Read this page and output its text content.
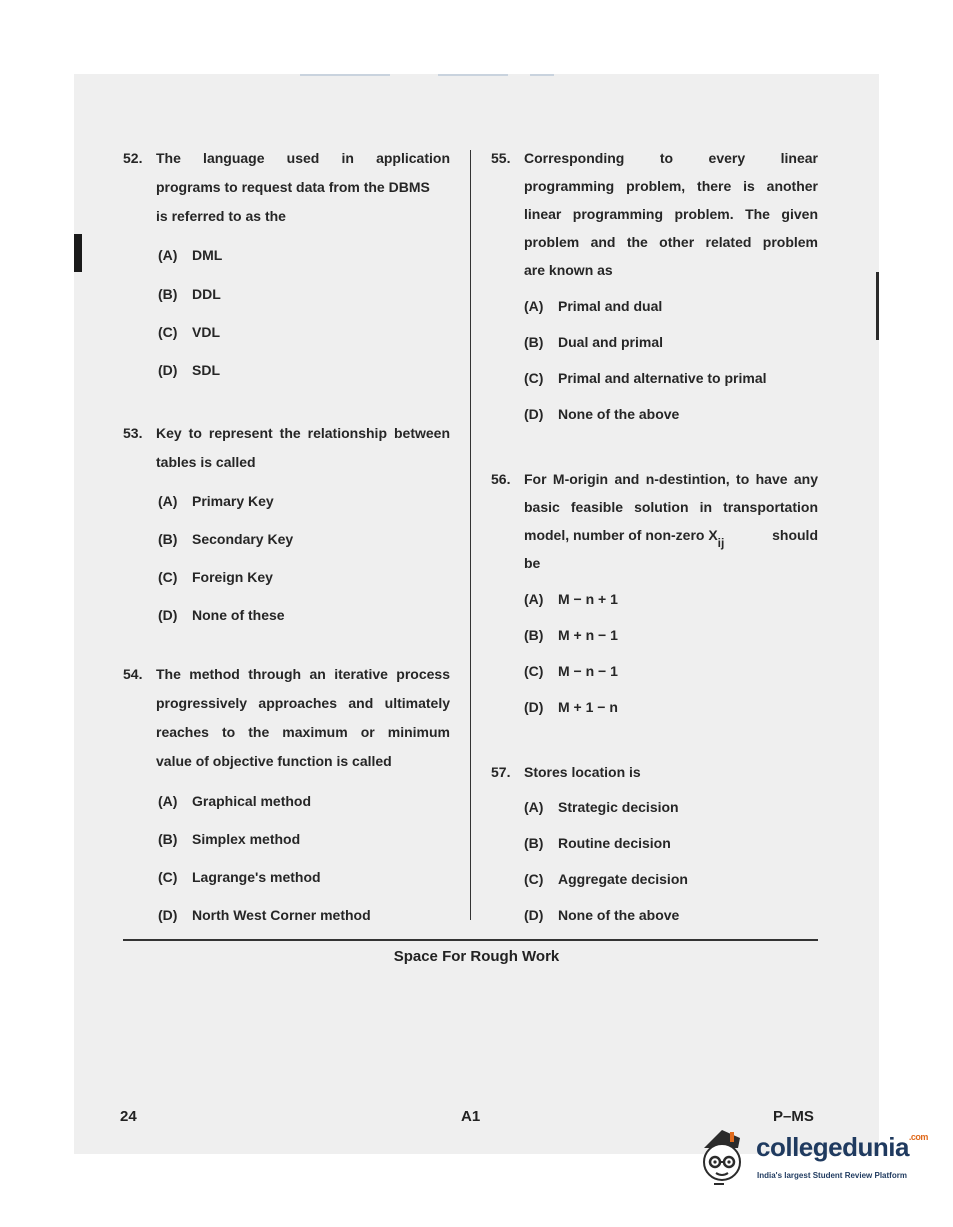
52. The language used in application
programs to request data from the DBMS
is referred to as the
(A) DML
(B) DDL
(C) VDL
(D) SDL
53. Key to represent the relationship between
tables is called
(A) Primary Key
(B) Secondary Key
(C) Foreign Key
(D) None of these
54. The method through an iterative process
progressively approaches and ultimately
reaches to the maximum or minimum
value of objective function is called
(A) Graphical method
(B) Simplex method
(C) Lagrange's method
(D) North West Corner method
55. Corresponding to every linear
programming problem, there is another
linear programming problem. The given
problem and the other related problem
are known as
(A) Primal and dual
(B) Dual and primal
(C) Primal and alternative to primal
(D) None of the above
56. For M-origin and n-destintion, to have any
basic feasible solution in transportation
model, number of non-zero Xij	should
be
(A) M − n + 1
(B) M + n − 1
(C) M − n − 1
(D) M + 1 − n
57. Stores location is
(A) Strategic decision
(B) Routine decision
(C) Aggregate decision
(D) None of the above
Space For Rough Work
24	A1	P–MS
collegedunia$^{.com}$
India's largest Student Review Platform
